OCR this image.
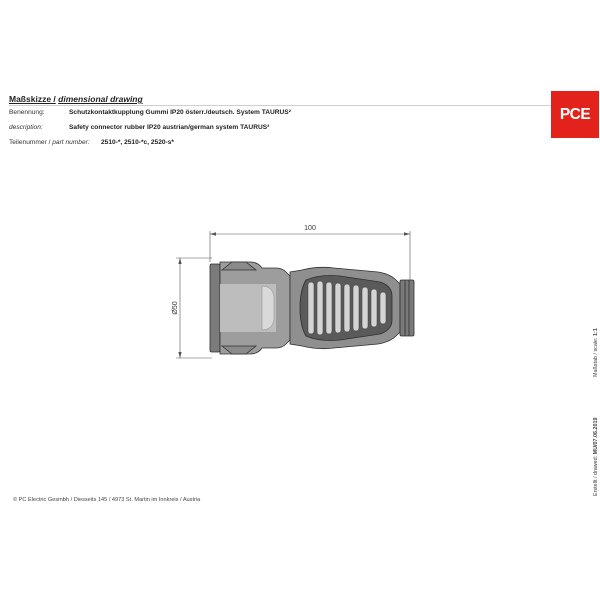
Maßskizze / dimensional drawing
Benennung:	Schutzkontaktkupplung Gummi IP20 österr./deutsch. System TAURUS²
description:	Safety connector rubber IP20 austrian/german system TAURUS²
Teilenummer / part number: 2510-*, 2510-*c, 2520-s*
PCE
100
Ø50
© PC Electric Gesmbh / Diesseits 145 / 4973 St. Martin im Innkreis / Austria
Maßstab / scale: 1:1
Erstellt / drawed: MU/07.06.2019
